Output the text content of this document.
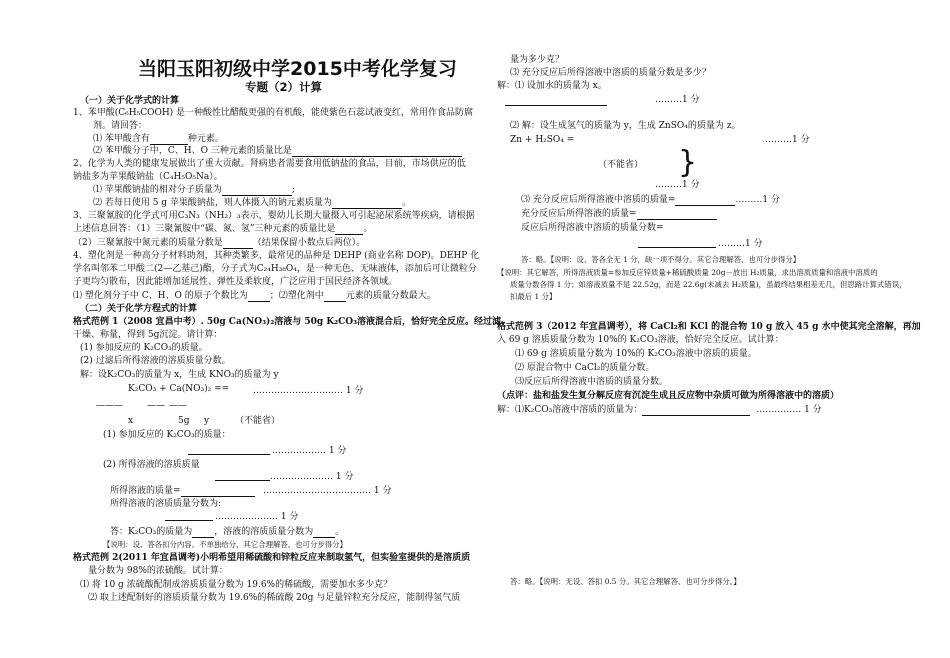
当阳玉阳初级中学2015中考化学复习
专题（2）计算
（一）关于化学式的计算
1、苯甲酸(C₆H₅COOH) 是一种酸性比醋酸更强的有机酸，能使紫色石蕊试液变红，常用作食品防腐
剂。请回答：
⑴ 苯甲酸含有	种元素。
⑵ 苯甲酸分子中，C、H、O 三种元素的质量比是
2、化学为人类的健康发展做出了重大贡献。肾病患者需要食用低钠盐的食品，目前，市场供应的低
钠盐多为苹果酸钠盐（C₄H₅O₅Na）。
⑴ 苹果酸钠盐的相对分子质量为	;
⑵ 若每日使用 5 g 苹果酸钠盐，则人体摄入的钠元素质量为	。
3、三聚氰胺的化学式可用C₃N₃（NH₂）₃表示，婴幼儿长期大量摄入可引起泌尿系统等疾病，请根据
上述信息回答：（1）三聚氰胺中“碳、氮、氢”三种元素的质量比是	。
（2）三聚氰胺中氮元素的质量分数是	（结果保留小数点后两位）。
4、塑化剂是一种高分子材料助剂，其种类繁多，最常见的品种是 DEHP (商业名称 DOP)。DEHP 化
学名叫邻苯二甲酸二(2—乙基己)酯，分子式为C₂₄H₃₈O₄，是一种无色、无味液体，添加后可让微粒分
子更均匀散布，因此能增加延展性、弹性及柔软度，广泛应用于国民经济各领域。
⑴ 塑化剂分子中 C、H、O 的原子个数比为 ；⑵塑化剂中 元素的质量分数最大。
（二）关于化学方程式的计算
格式范例 1（2008 宜昌中考）. 50g Ca(NO₃)₂溶液与 50g K₂CO₃溶液混合后，恰好完全反应。经过滤、
干燥、称量，得到 5g沉淀。请计算：
(1) 参加反应的 K₂CO₃的质量。
(2) 过滤后所得溶液的溶质质量分数。
解：设K₂CO₃的质量为 x，生成 KNO₃的质量为 y
K₂CO₃ + Ca(NO₃)₂ ==	………………………… 1 分
———	—— ——
x	5g y	（不能省）
(1) 参加反应的 K₂CO₃的质量：
……………… 1 分
(2) 所得溶液的溶质质量
………………… 1 分
所得溶液的质量=	……………………………… 1 分
所得溶液的溶质质量分数为:
………………… 1 分
答：K₂CO₃的质量为 ，溶液的溶质质量分数为 。
【说明：设、答各扣分内容。不单独给分，其它合理解答、也可分步得分】
格式范例 2(2011 年宜昌调考)小明希望用稀硫酸和锌粒反应来制取氢气，但实验室提供的是溶质质
量分数为 98%的浓硫酸。试计算：
⑴ 将 10 g 浓硫酸配制成溶质质量分数为 19.6%的稀硫酸，需要加水多少克？
⑵ 取上述配制好的溶质质量分数为 19.6%的稀硫酸 20g 与足量锌粒充分反应，能制得氢气质
量为多少克？
⑶ 充分反应后所得溶液中溶质的质量分数是多少？
解：⑴ 设加水的质量为 x。
………1 分
⑵ 解：设生成氢气的质量为 y，生成 ZnSO₄的质量为 z。
Zn + H₂SO₄ =	………1 分
（不能省） }
………1 分
⑶ 充分反应后所得溶液中溶质的质量=	………1 分
充分反应后所得溶液的质量=
反应后所得溶液中溶质的质量分数=
………1 分
答：略。【说明：设、答各全无 1 分，缺一项不得分。其它合理解答、也可分步得分】
【说明：其它解答，所得溶液质量=参加反应锌质量+稀硫酸质量 20g－放出 H₂质量，求出溶质质量和溶液中溶质的
质量分数各得 1 分；如溶液质量不是 22.52g，而是 22.6g(未减去 H₂质量)，虽最终结果相差无几，但思路计算式错误，
扣最后 1 分】
格式范例 3（2012 年宜昌调考），将 CaCl₂和 KCl 的混合物 10 g 放入 45 g 水中使其完全溶解，再加
入 69 g 溶质质量分数为 10%的 K₂CO₃溶液，恰好完全反应。试计算：
⑴ 69 g 溶质质量分数为 10%的 K₂CO₃溶液中溶质的质量。
⑵ 原混合物中 CaCl₂的质量分数。
⑶反应后所得溶液中溶质的质量分数。
（点评：盐和盐发生复分解反应有沉淀生成且反应物中杂质可做为所得溶液中的溶质）
解：⑴K₂CO₃溶液中溶质的质量为：	…………… 1 分
答：略。【说明：无设、答扣 0.5 分。其它合理解答、也可分步得分。】
